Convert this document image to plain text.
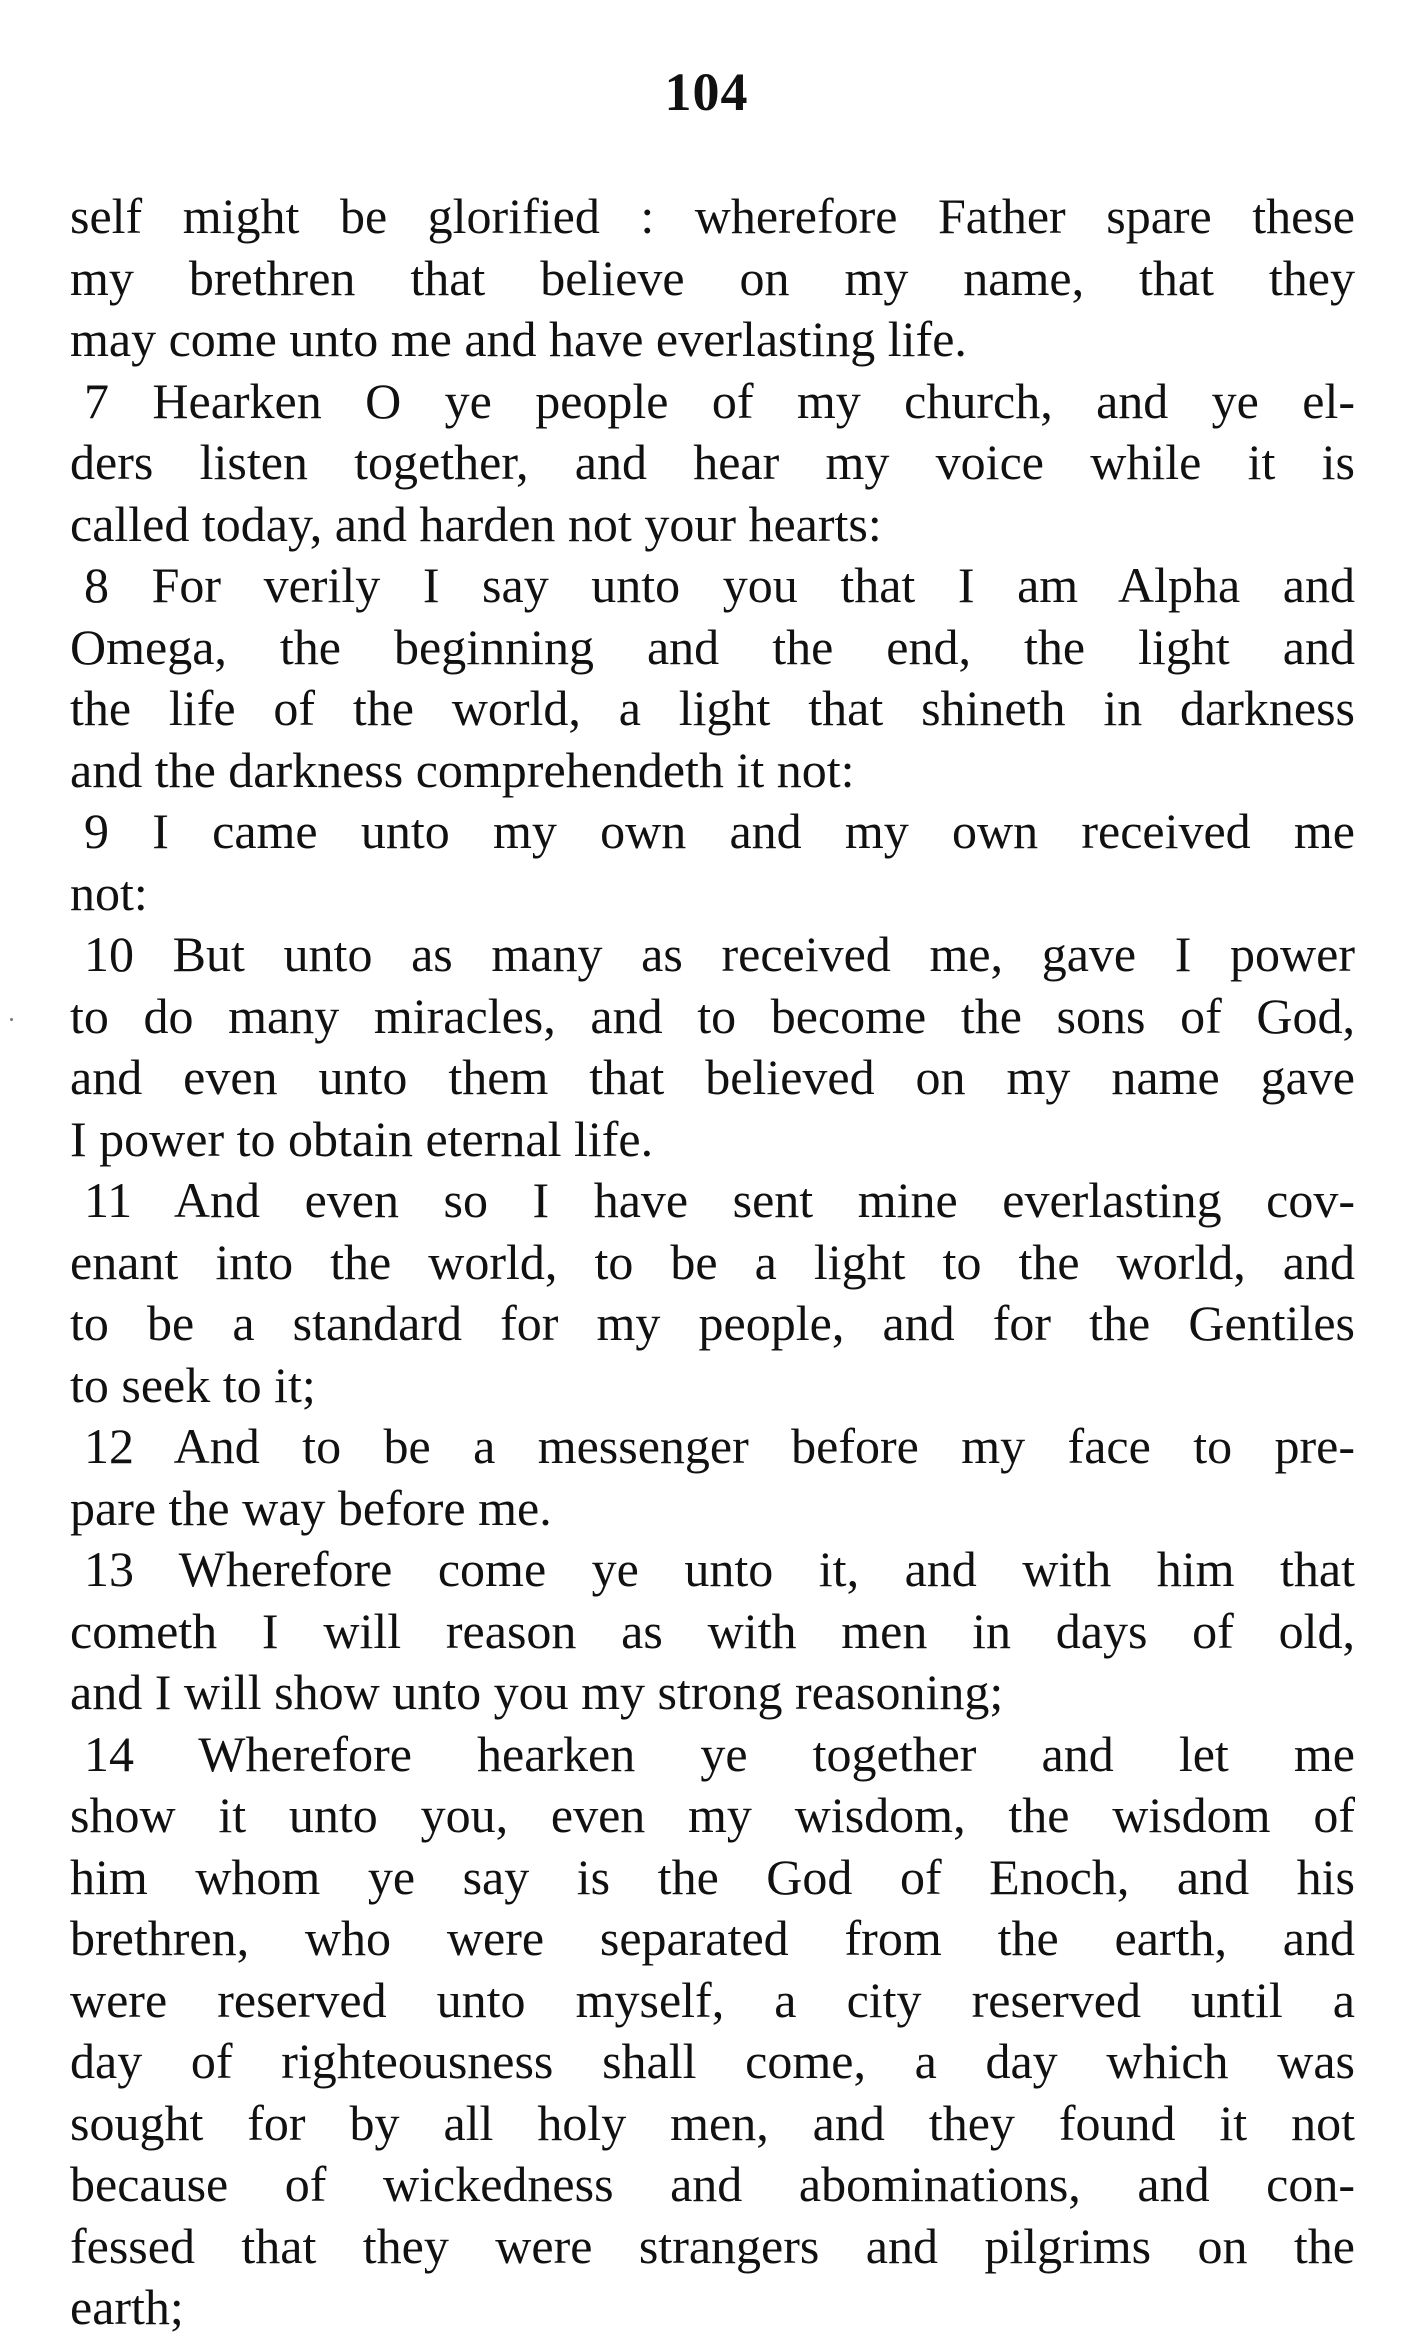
104
self might be glorified : wherefore Father spare these
my brethren that believe on my name, that they
may come unto me and have everlasting life.
7 Hearken O ye people of my church, and ye el-
ders listen together, and hear my voice while it is
called today, and harden not your hearts:
8 For verily I say unto you that I am Alpha and
Omega, the beginning and the end, the light and
the life of the world, a light that shineth in darkness
and the darkness comprehendeth it not:
9 I came unto my own and my own received me
not:
10 But unto as many as received me, gave I power
to do many miracles, and to become the sons of God,
and even unto them that believed on my name gave
I power to obtain eternal life.
11 And even so I have sent mine everlasting cov-
enant into the world, to be a light to the world, and
to be a standard for my people, and for the Gentiles
to seek to it;
12 And to be a messenger before my face to pre-
pare the way before me.
13 Wherefore come ye unto it, and with him that
cometh I will reason as with men in days of old,
and I will show unto you my strong reasoning;
14 Wherefore hearken ye together and let me
show it unto you, even my wisdom, the wisdom of
him whom ye say is the God of Enoch, and his
brethren, who were separated from the earth, and
were reserved unto myself, a city reserved until a
day of righteousness shall come, a day which was
sought for by all holy men, and they found it not
because of wickedness and abominations, and con-
fessed that they were strangers and pilgrims on the
earth;
